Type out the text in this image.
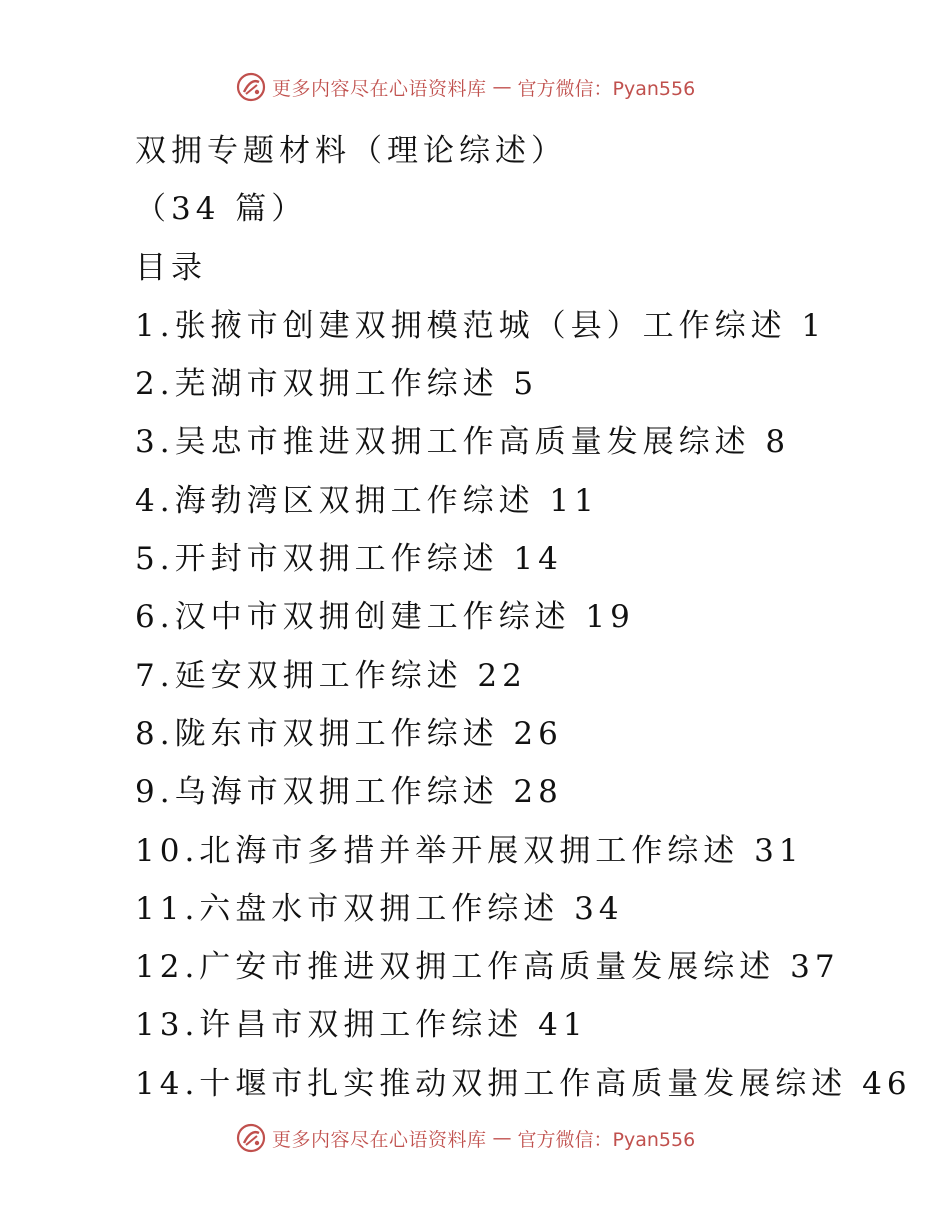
更多内容尽在心语资料库 — 官方微信：Pyan556
双拥专题材料（理论综述）
（34 篇）
目录
1.张掖市创建双拥模范城（县）工作综述 1
2.芜湖市双拥工作综述 5
3.吴忠市推进双拥工作高质量发展综述 8
4.海勃湾区双拥工作综述 11
5.开封市双拥工作综述 14
6.汉中市双拥创建工作综述 19
7.延安双拥工作综述 22
8.陇东市双拥工作综述 26
9.乌海市双拥工作综述 28
10.北海市多措并举开展双拥工作综述 31
11.六盘水市双拥工作综述 34
12.广安市推进双拥工作高质量发展综述 37
13.许昌市双拥工作综述 41
14.十堰市扎实推动双拥工作高质量发展综述 46
更多内容尽在心语资料库 — 官方微信：Pyan556
